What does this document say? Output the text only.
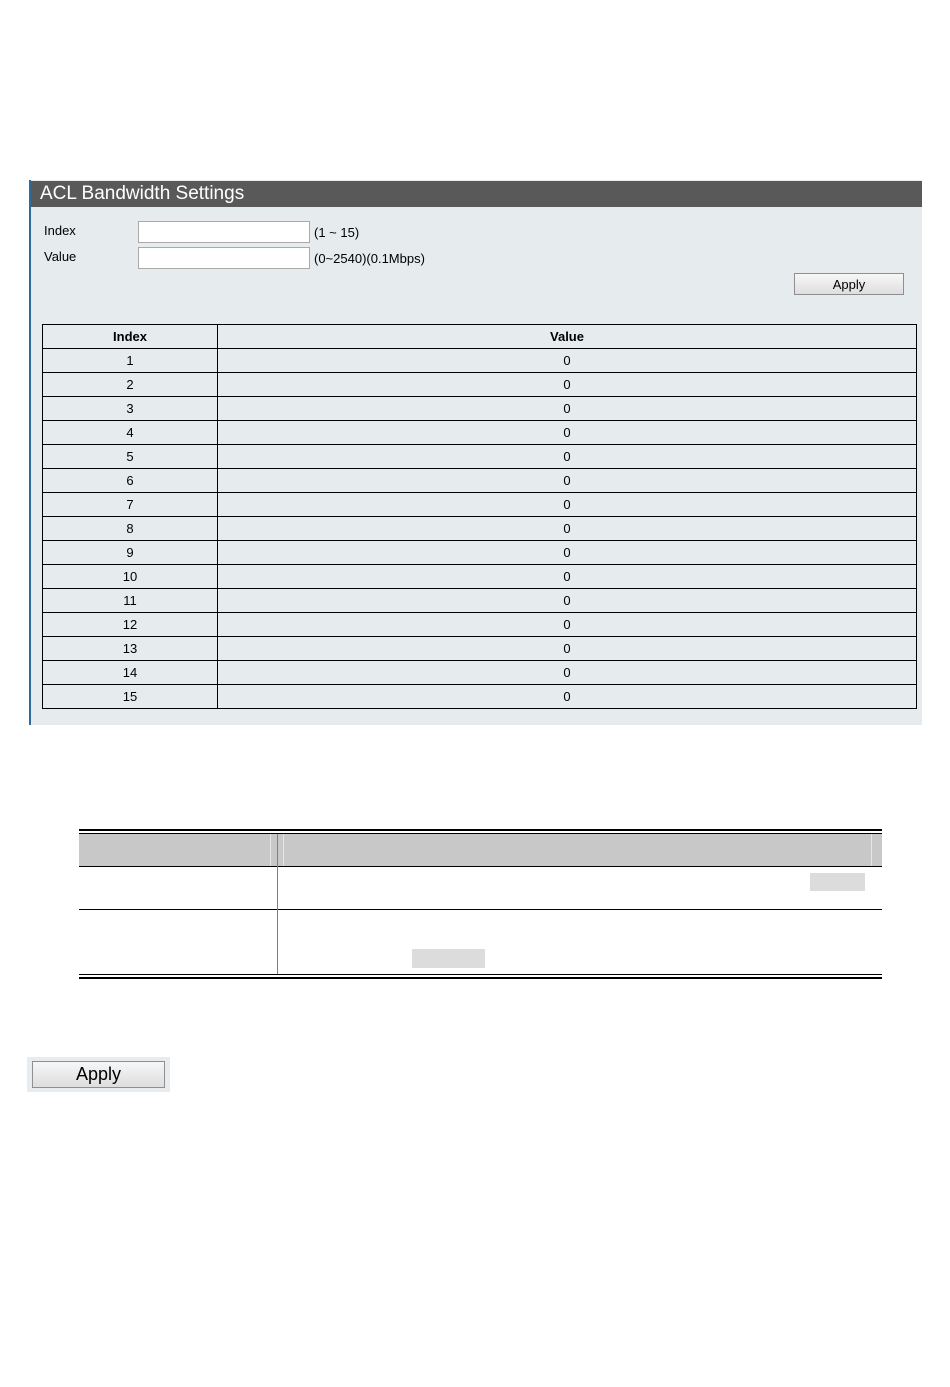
ACL Bandwidth Settings
Index	(1 ~ 15)
Value	(0~2540)(0.1Mbps)
Apply
Index	Value
1	0
2	0
3	0
4	0
5	0
6	0
7	0
8	0
9	0
10	0
11	0
12	0
13	0
14	0
15	0
Apply
